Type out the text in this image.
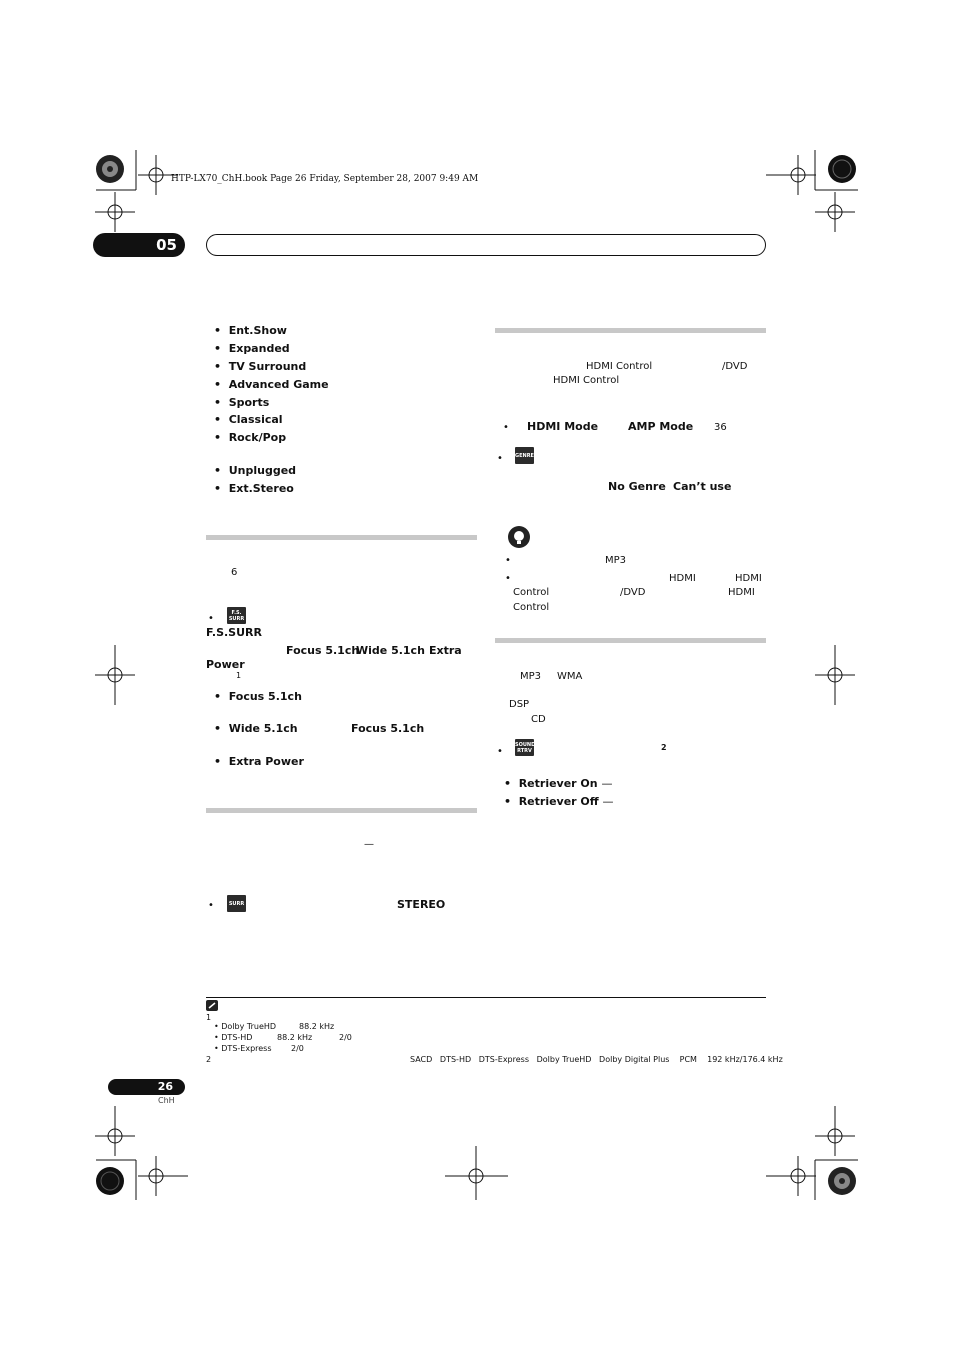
HTP-LX70_ChH.book Page 26 Friday, September 28, 2007 9:49 AM
05
•  Ent.Show
•  Expanded
•  TV Surround
•  Advanced Game
•  Sports
•  Classical
•  Rock/Pop
•  Unplugged
•  Ext.Stereo
6
•
F.S. SURR
F.S.SURR
Focus 5.1ch
Wide 5.1ch Extra
Power
1
•  Focus 5.1ch
•  Wide 5.1ch	Focus 5.1ch
•  Extra Power
—
•	SURR	STEREO
HDMI Control	/DVD
HDMI Control
• HDMI Mode	AMP Mode 36
• GENRE
No Genre Can’t use
•	MP3
•	HDMI	HDMI
Control	/DVD	HDMI
Control
MP3 WMA
DSP
CD
•
SOUND RTRV	2
•  Retriever On —
•  Retriever Off —
1
• Dolby TrueHD	88.2 kHz
• DTS-HD	88.2 kHz	2/0
• DTS-Express 2/0
2	SACD   DTS-HD   DTS-Express   Dolby TrueHD   Dolby Digital Plus    PCM    192 kHz/176.4 kHz
26
ChH
